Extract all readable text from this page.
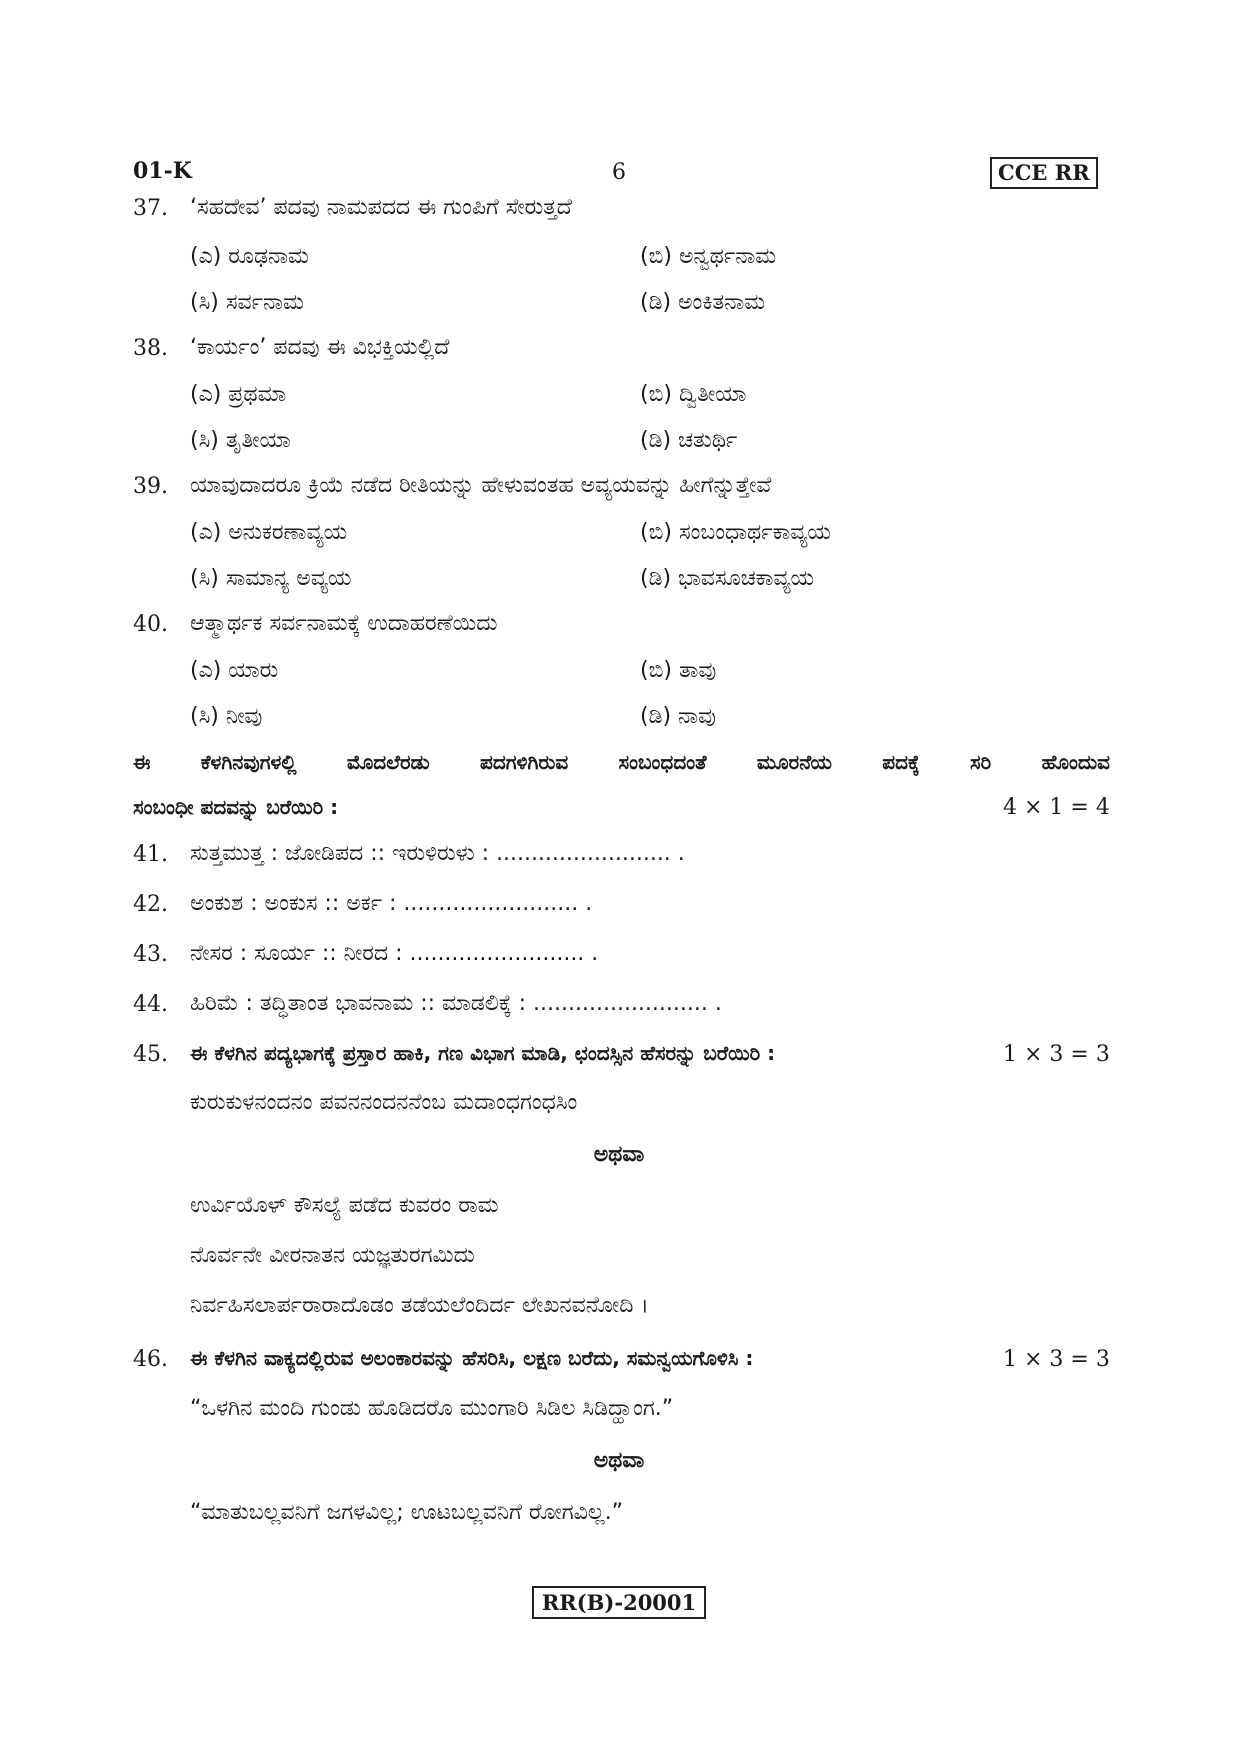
01-K	6	CCE RR
37. ‘ಸಹದೇವ’ ಪದವು ನಾಮಪದದ ಈ ಗುಂಪಿಗೆ ಸೇರುತ್ತದೆ
(ಎ) ರೂಢನಾಮ	(ಬಿ) ಅನ್ವರ್ಥನಾಮ
(ಸಿ) ಸರ್ವನಾಮ	(ಡಿ) ಅಂಕಿತನಾಮ
38. ‘ಕಾರ್ಯಂ’ ಪದವು ಈ ವಿಭಕ್ತಿಯಲ್ಲಿದೆ
(ಎ) ಪ್ರಥಮಾ	(ಬಿ) ದ್ವಿತೀಯಾ
(ಸಿ) ತೃತೀಯಾ	(ಡಿ) ಚತುರ್ಥಿ
39. ಯಾವುದಾದರೂ ಕ್ರಿಯೆ ನಡೆದ ರೀತಿಯನ್ನು ಹೇಳುವಂತಹ ಅವ್ಯಯವನ್ನು ಹೀಗೆನ್ನುತ್ತೇವೆ
(ಎ) ಅನುಕರಣಾವ್ಯಯ	(ಬಿ) ಸಂಬಂಧಾರ್ಥಕಾವ್ಯಯ
(ಸಿ) ಸಾಮಾನ್ಯ ಅವ್ಯಯ	(ಡಿ) ಭಾವಸೂಚಕಾವ್ಯಯ
40. ಆತ್ಮಾರ್ಥಕ ಸರ್ವನಾಮಕ್ಕೆ ಉದಾಹರಣೆಯಿದು
(ಎ) ಯಾರು	(ಬಿ) ತಾವು
(ಸಿ) ನೀವು	(ಡಿ) ನಾವು
ಈ ಕೆಳಗಿನವುಗಳಲ್ಲಿ ಮೊದಲೆರಡು ಪದಗಳಿಗಿರುವ ಸಂಬಂಧದಂತೆ ಮೂರನೆಯ ಪದಕ್ಕೆ ಸರಿ ಹೊಂದುವ
ಸಂಬಂಧೀ ಪದವನ್ನು ಬರೆಯಿರಿ :	4 × 1 = 4
41. ಸುತ್ತಮುತ್ತ : ಜೋಡಿಪದ :: ಇರುಳಿರುಳು : ......................... .
42. ಅಂಕುಶ : ಅಂಕುಸ :: ಅರ್ಕ : ......................... .
43. ನೇಸರ : ಸೂರ್ಯ :: ನೀರದ : ......................... .
44. ಹಿರಿಮೆ : ತದ್ಧಿತಾಂತ ಭಾವನಾಮ :: ಮಾಡಲಿಕ್ಕೆ : ......................... .
45. ಈ ಕೆಳಗಿನ ಪದ್ಯಭಾಗಕ್ಕೆ ಪ್ರಸ್ತಾರ ಹಾಕಿ, ಗಣ ವಿಭಾಗ ಮಾಡಿ, ಛಂದಸ್ಸಿನ ಹೆಸರನ್ನು ಬರೆಯಿರಿ :	1 × 3 = 3
ಕುರುಕುಳನಂದನಂ ಪವನನಂದನನೆಂಬ ಮದಾಂಧಗಂಧಸಿಂ
ಅಥವಾ
ಉರ್ವಿಯೊಳ್ ಕೌಸಲ್ಯೆ ಪಡೆದ ಕುವರಂ ರಾಮ
ನೊರ್ವನೇ ವೀರನಾತನ ಯಜ್ಞತುರಗಮಿದು
ನಿರ್ವಹಿಸಲಾರ್ಪರಾರಾದೊಡಂ ತಡೆಯಲೆಂದಿರ್ದ ಲೇಖನವನೋದಿ ।
46. ಈ ಕೆಳಗಿನ ವಾಕ್ಯದಲ್ಲಿರುವ ಅಲಂಕಾರವನ್ನು ಹೆಸರಿಸಿ, ಲಕ್ಷಣ ಬರೆದು, ಸಮನ್ವಯಗೊಳಿಸಿ :	1 × 3 = 3
“ಒಳಗಿನ ಮಂದಿ ಗುಂಡು ಹೊಡಿದರೊ ಮುಂಗಾರಿ ಸಿಡಿಲ ಸಿಡಿದ್ಹಾಂಗ.”
ಅಥವಾ
“ಮಾತುಬಲ್ಲವನಿಗೆ ಜಗಳವಿಲ್ಲ; ಊಟಬಲ್ಲವನಿಗೆ ರೋಗವಿಲ್ಲ.”
RR(B)-20001
